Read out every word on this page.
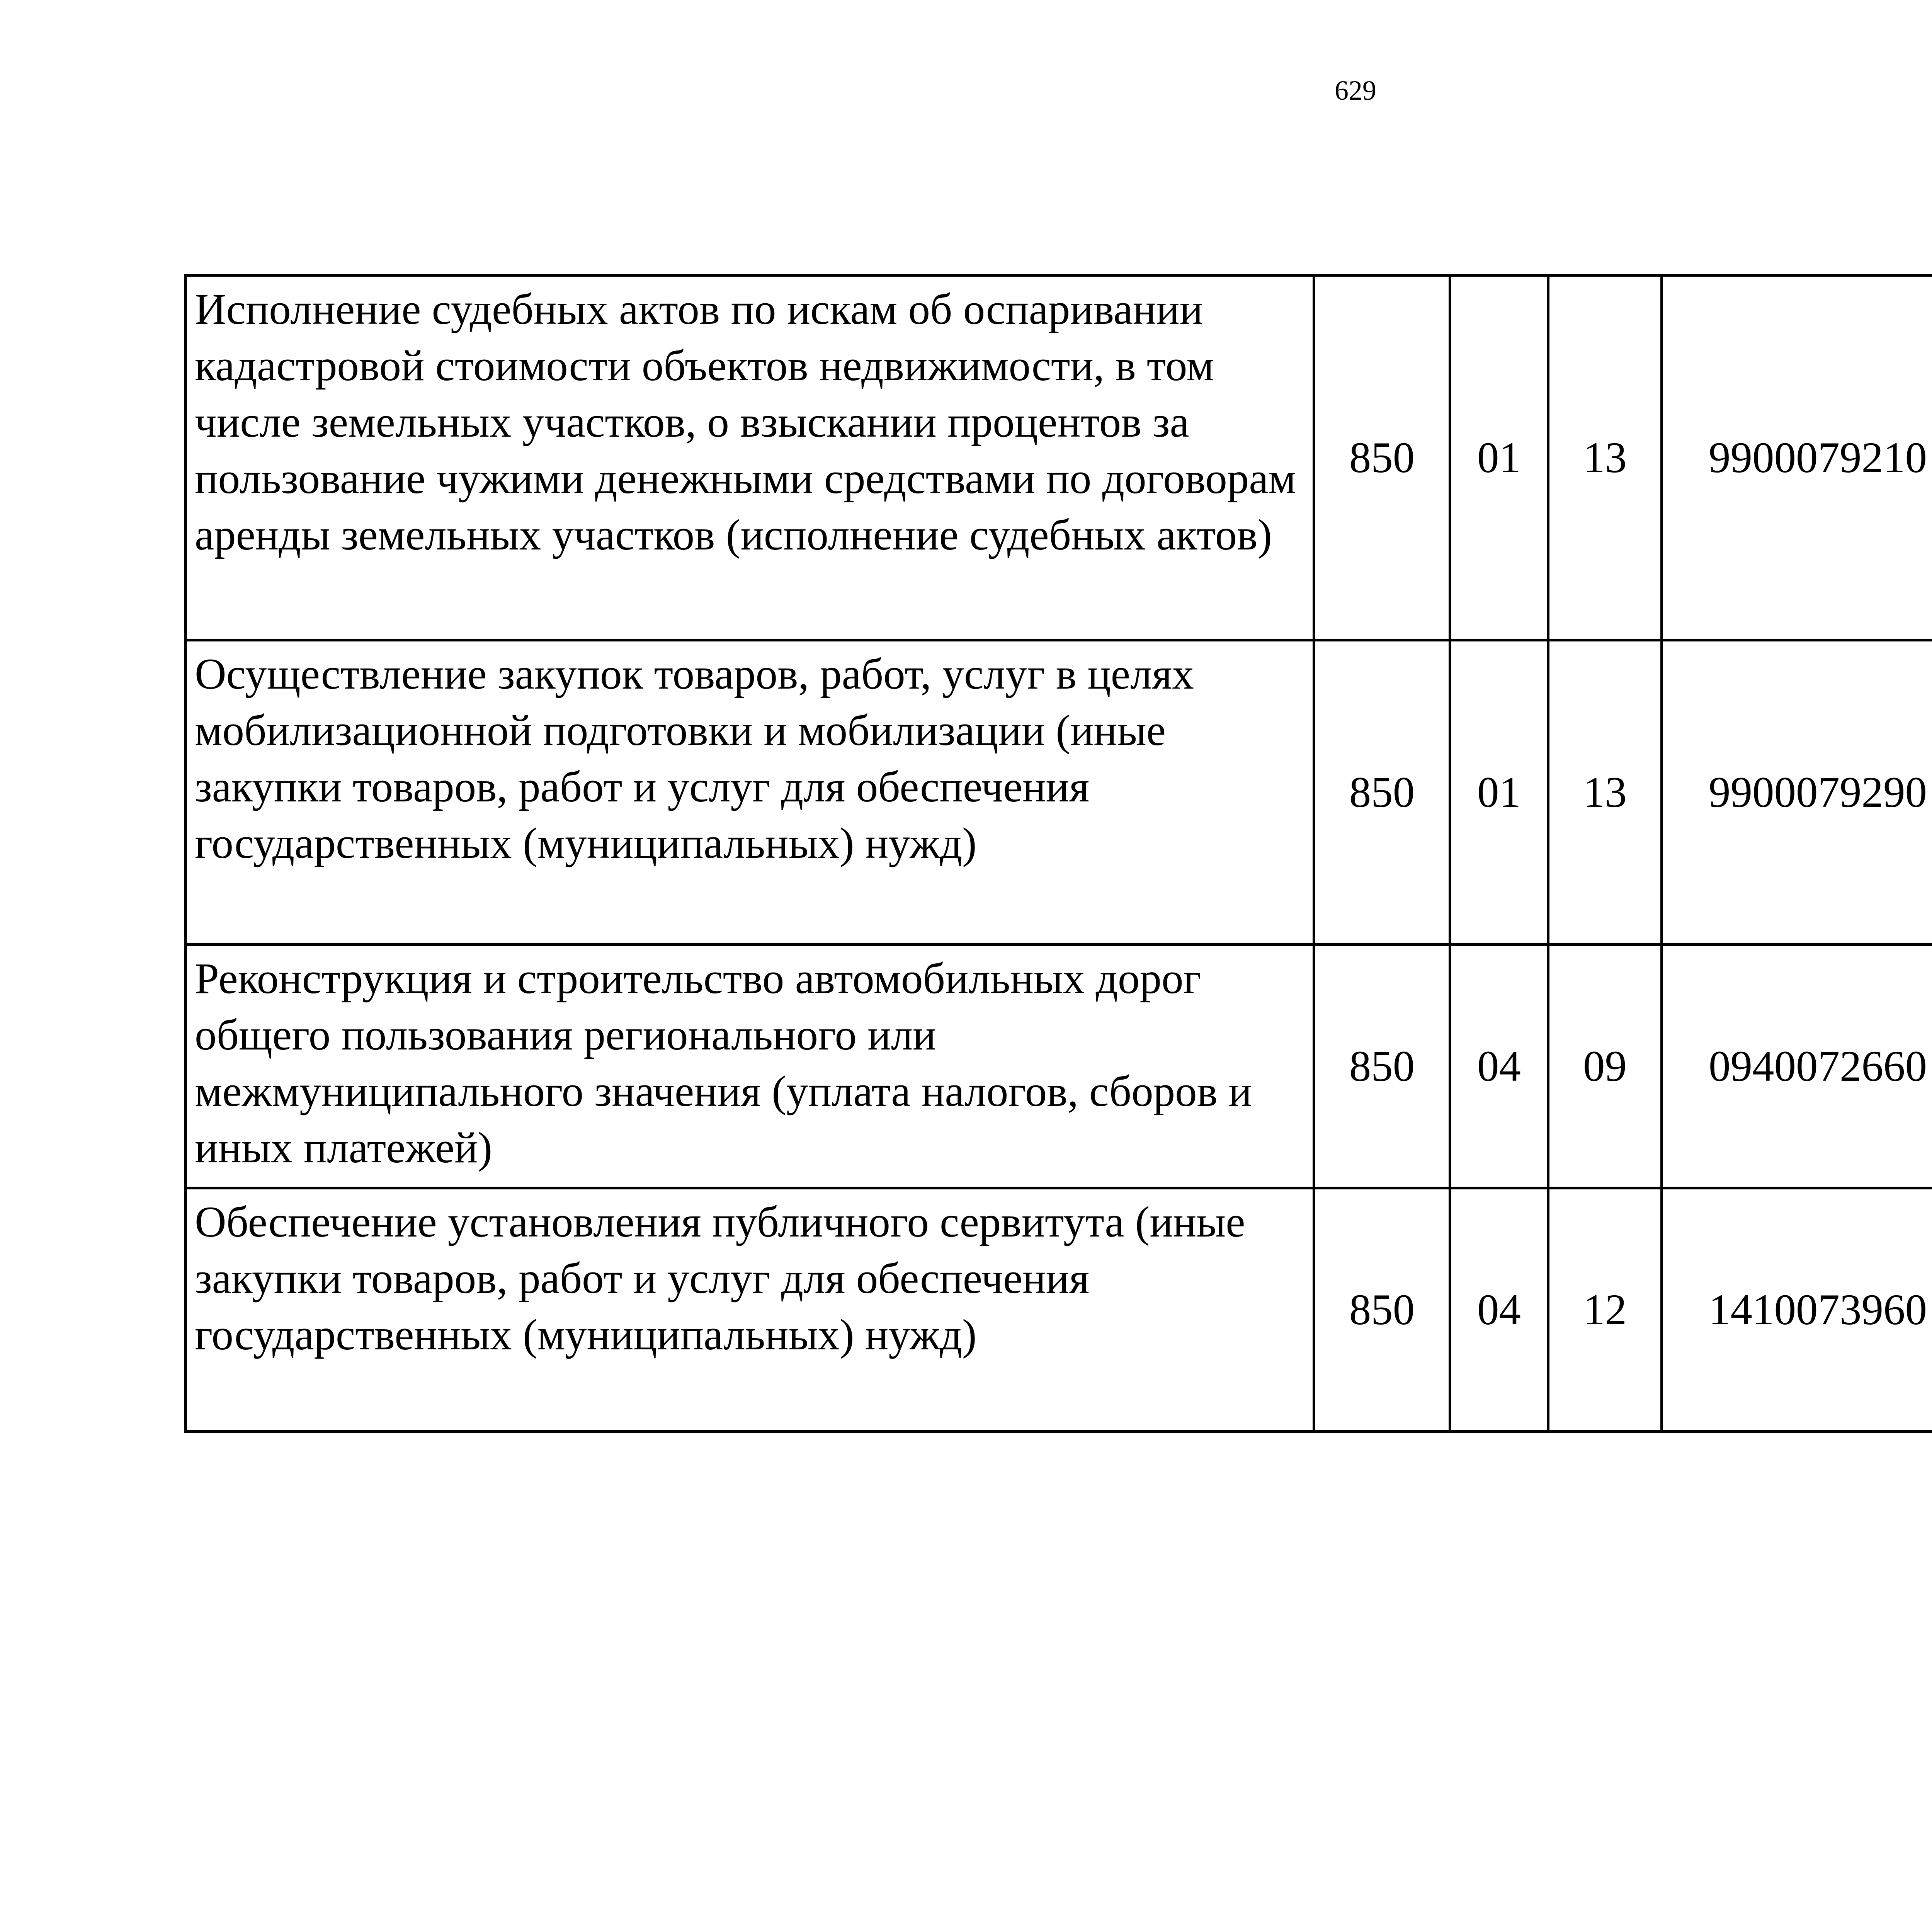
629
Исполнение судебных актов по искам об оспаривании кадастровой стоимости объектов недвижимости, в том числе земельных участков, о взыскании процентов за пользование чужими денежными средствами по договорам аренды земельных участков (исполнение судебных актов)	850	01	13	9900079210		
Осуществление закупок товаров, работ, услуг в целях мобилизационной подготовки и мобилизации (иные закупки товаров, работ и услуг для обеспечения государственных (муниципальных) нужд)	850	01	13	9900079290		
Реконструкция и строительство автомобильных дорог общего пользования регионального или межмуниципального значения (уплата налогов, сборов и иных платежей)	850	04	09	0940072660		
Обеспечение установления публичного сервитута (иные закупки товаров, работ и услуг для обеспечения государственных (муниципальных) нужд)	850	04	12	1410073960		
